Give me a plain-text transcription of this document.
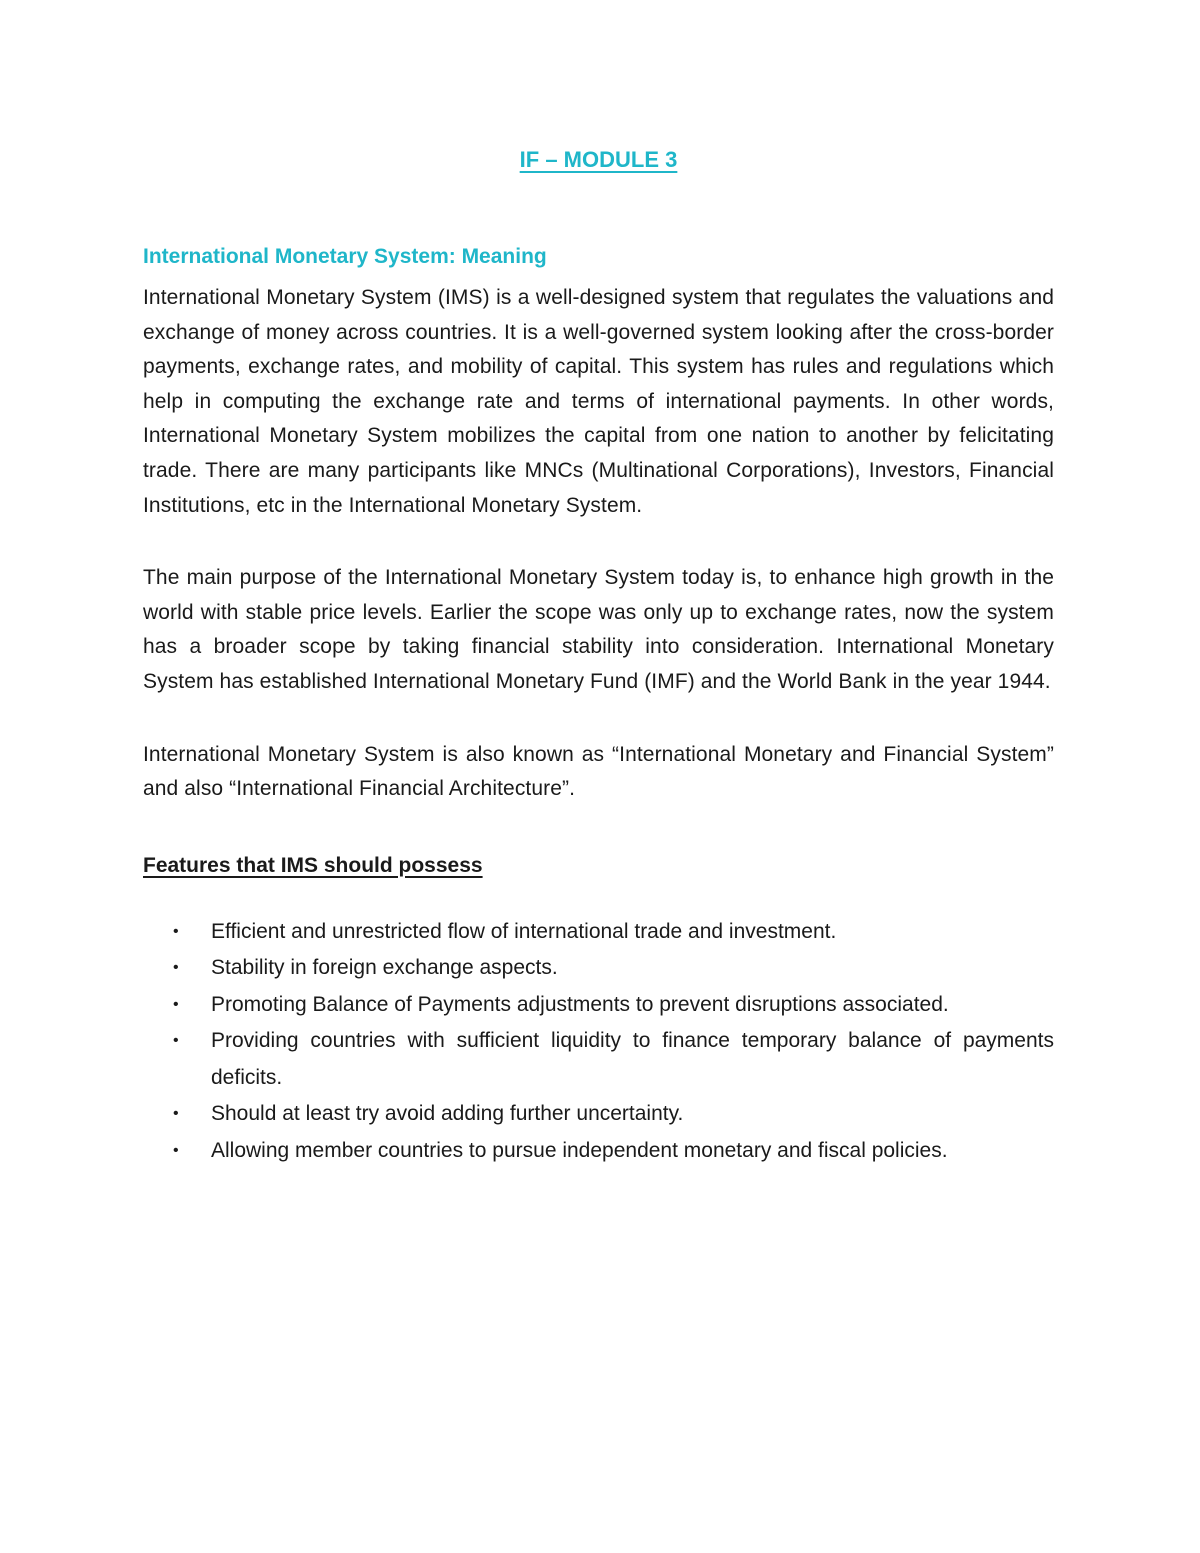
IF – MODULE 3
International Monetary System: Meaning

International Monetary System (IMS) is a well-designed system that regulates the valuations and exchange of money across countries. It is a well-governed system looking after the cross-border payments, exchange rates, and mobility of capital. This system has rules and regulations which help in computing the exchange rate and terms of international payments. In other words, International Monetary System mobilizes the capital from one nation to another by felicitating trade. There are many participants like MNCs (Multinational Corporations), Investors, Financial Institutions, etc in the International Monetary System.

The main purpose of the International Monetary System today is, to enhance high growth in the world with stable price levels. Earlier the scope was only up to exchange rates, now the system has a broader scope by taking financial stability into consideration. International Monetary System has established International Monetary Fund (IMF) and the World Bank in the year 1944.

International Monetary System is also known as “International Monetary and Financial System” and also “International Financial Architecture”.

Features that IMS should possess
• Efficient and unrestricted flow of international trade and investment.
• Stability in foreign exchange aspects.
• Promoting Balance of Payments adjustments to prevent disruptions associated.
• Providing countries with sufficient liquidity to finance temporary balance of payments deficits.
• Should at least try avoid adding further uncertainty.
• Allowing member countries to pursue independent monetary and fiscal policies.
